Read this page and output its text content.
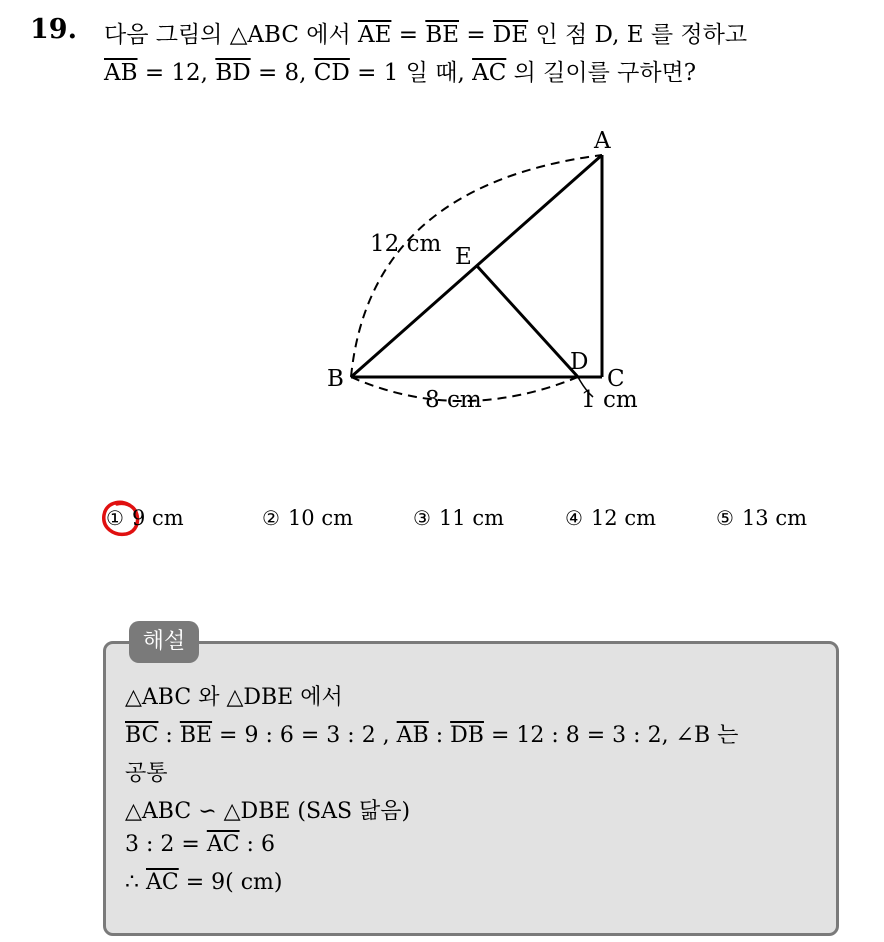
19. 다음 그림의 △ABC 에서 $\overline{AE} = \overline{BE} = \overline{DE}$ 인 점 D, E 를 정하고
$\overline{AB} = 12$, $\overline{BD} = 8$, $\overline{CD} = 1$ 일 때, $\overline{AC}$ 의 길이를 구하면?
A
B	C
D
E
12 cm
8 cm	1 cm
① 9 cm	② 10 cm	③ 11 cm	④ 12 cm	⑤ 13 cm
해설
△ABC 와 △DBE 에서
$\overline{BC}$ : $\overline{BE} = 9$ : 6 = 3 : 2 , $\overline{AB}$ : $\overline{DB} = 12$ : 8 = 3 : 2, ∠B 는
공통
△ABC ∽ △DBE (SAS 닮음)
3 : $2 = \overline{AC}$ : 6
∴ $\overline{AC} = 9$( cm)
